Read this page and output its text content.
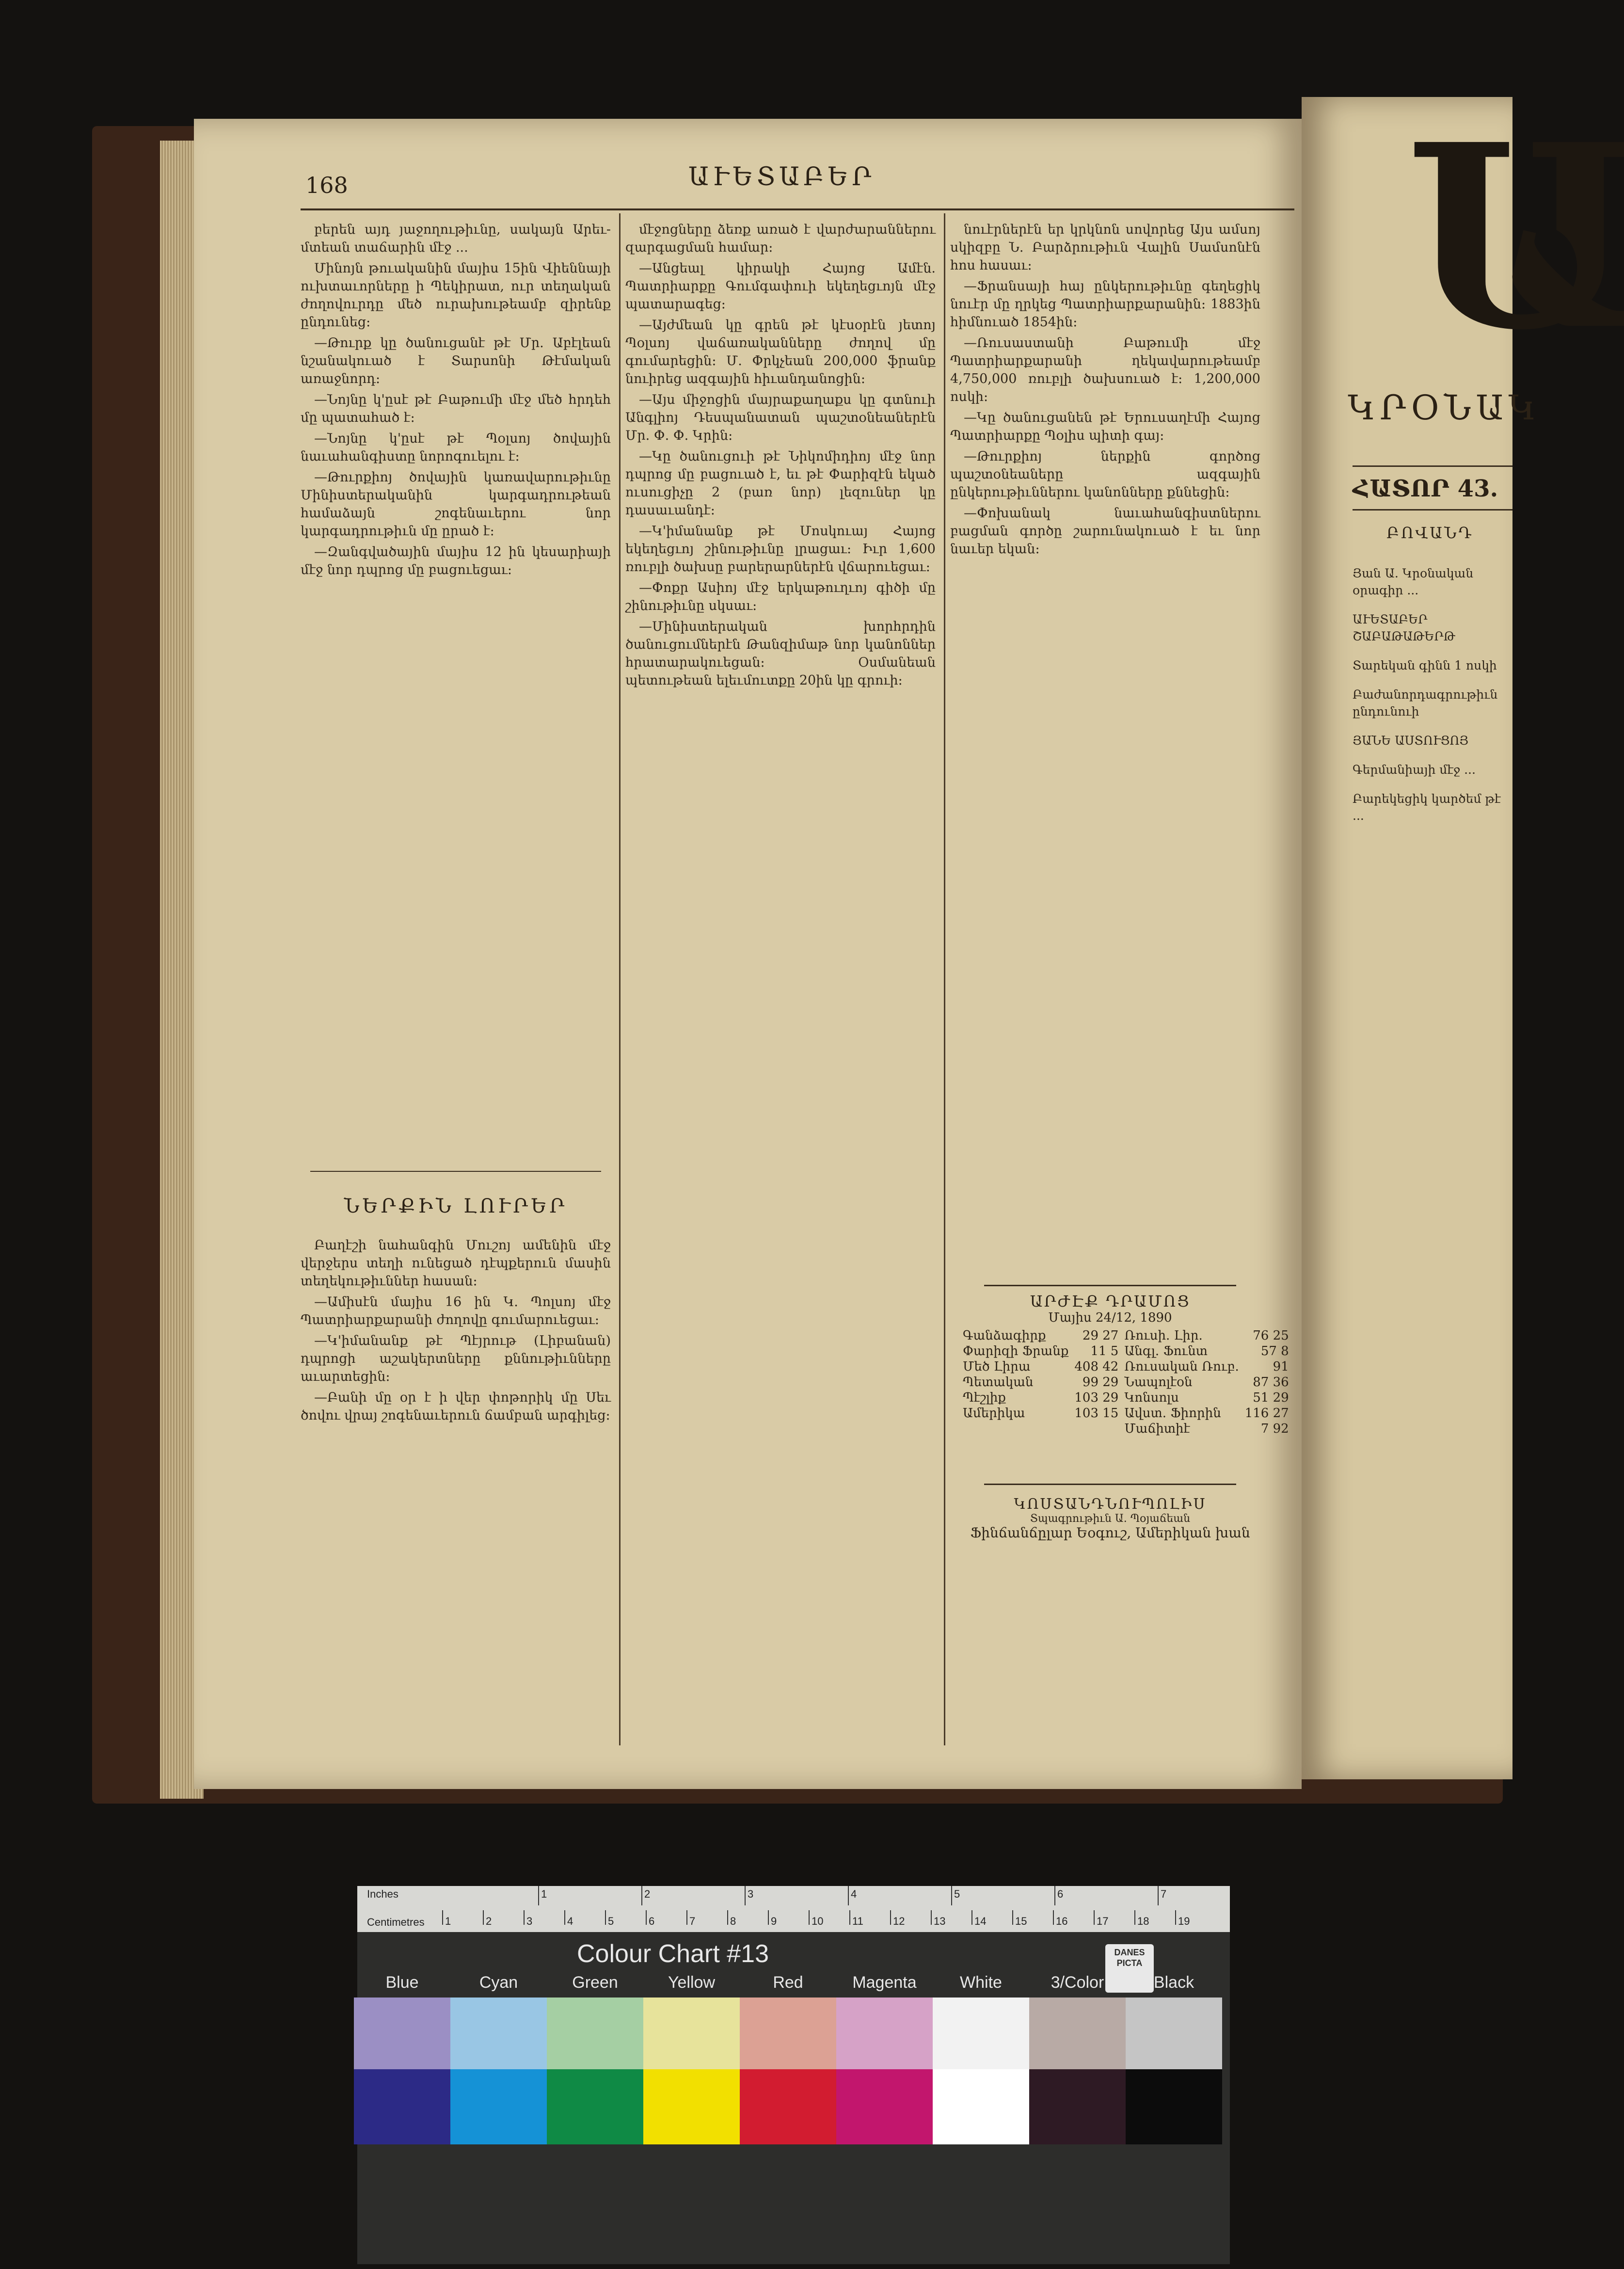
168	ԱՒԵՏԱԲԵՐ

բերեն այդ յաջողութիւնը, սակայն Արեւմտեան տաճարին մէջ ...

Մինոյն թուականին մայիս 15ին Վիեննայի ուխտաւորները ի Պեկիրատ, ուր տեղական ժողովուրդը մեծ ուրախութեամբ զիրենք ընդունեց։

—Թուրք կը ծանուցանէ թէ Մր. Աբէլեան նշանակուած է Տարսոնի Թէմական առաջնորդ։

—Նոյնը կ'ըսէ թէ Բաթումի մէջ մեծ հրդեհ մը պատահած է։

—Նոյնը կ'ըսէ թէ Պօլսոյ ծովային նաւահանգիստը նորոգուելու է։

—Թուրքիոյ ծովային կառավարութիւնը Մինիստերականին կարգադրութեան համաձայն շոգենաւերու նոր կարգադրութիւն մը ըրած է։

—Զանգվածային մայիս 12 ին կեսարիայի մէջ նոր դպրոց մը բացուեցաւ։

ՆԵՐՔԻՆ ԼՈՒՐԵՐ

Բաղէշի նահանգին Մուշոյ ամենին մէջ վերջերս տեղի ունեցած դէպքերուն մասին տեղեկութիւններ հասան։

—Ամիսէն մայիս 16 ին Կ. Պոլսոյ մէջ Պատրիարքարանի ժողովը գումարուեցաւ։

—Կ'իմանանք թէ Պէյրութ (Լիբանան) դպրոցի աշակերտները քննութիւնները աւարտեցին։

—Բանի մը օր է ի վեր փոթորիկ մը Սեւ ծովու վրայ շոգենաւերուն ճամբան արգիլեց։

մէջոցները ձեռք առած է վարժարաններու զարգացման համար։

—Անցեալ կիրակի Հայոց Ամէն. Պատրիարքը Գումգափուի եկեղեցւոյն մէջ պատարագեց։

—Այժմեան կը գրեն թէ կէսօրէն յետոյ Պօլսոյ վաճառականները ժողով մը գումարեցին։ Մ. Փրկչեան 200,000 ֆրանք նուիրեց ազգային հիւանդանոցին։

—Այս միջոցին մայրաքաղաքս կը գտնուի Անգլիոյ Դեսպանատան պաշտօնեաներէն Մր. Փ. Փ. Կրին։

—Կը ծանուցուի թէ Նիկոմիդիոյ մէջ նոր դպրոց մը բացուած է, եւ թէ Փարիզէն եկած ուսուցիչը 2 (բառ նոր) լեզուներ կը դասաւանդէ։

—Կ'իմանանք թէ Մոսկուայ Հայոց եկեղեցւոյ շինութիւնը լրացաւ։ Իւր 1,600 ռուբլի ծախսը բարերարներէն վճարուեցաւ։

—Փոքր Ասիոյ մէջ երկաթուղւոյ գիծի մը շինութիւնը սկսաւ։

—Մինիստերական խորհրդին ծանուցումներէն Թանզիմաթ նոր կանոններ հրատարակուեցան։ Օսմանեան պետութեան ելեւմուտքը 20ին կը գրուի։

նուէրներէն եր կրկնոն սովորեց Այս ամսոյ սկիզբը Ն. Բարձրութիւն Վալին Սամսոնէն հոս հասաւ։

—Ֆրանսայի հայ ընկերութիւնը գեղեցիկ նուէր մը ղրկեց Պատրիարքարանին։ 1883ին հիմնուած 1854ին։

—Ռուսաստանի Բաթումի մէջ Պատրիարքարանի ղեկավարութեամբ 4,750,000 ռուբլի ծախսուած է։ 1,200,000 ոսկի։

—Կը ծանուցանեն թէ Երուսաղէմի Հայոց Պատրիարքը Պօլիս պիտի գայ։

—Թուրքիոյ ներքին գործոց պաշտօնեաները ազգային ընկերութիւններու կանոնները քննեցին։

—Փոխանակ նաւահանգիստներու բացման գործը շարունակուած է եւ նոր նաւեր եկան։

ԱՐԺԷՔ ԴՐԱՄՈՑ
Մայիս 24/12, 1890
Գանձագիրք	29 27	Ռուսի. Լիր.	76 25
Փարիզի Ֆրանք	11 5	Անգլ. Ֆունտ	57 8
Մեծ Լիրա	408 42	Ռուսական Ռուբ.	91
Պետական	99 29	Նապոլէօն	87 36
Պէշլիք	103 29	Կոնսոլս	51 29
Ամերիկա	103 15	Ավստ. Ֆիորին	116 27
		Մաճիտիէ	7 92
ԿՈՍՏԱՆԴՆՈՒՊՈԼԻՍ
Տպագրութիւն Ա. Պօյաճեան
Ֆինճանճըլար Եօգուշ, Ամերիկան խան
Ա
ԿՐՕՆԱԿ
ՀԱՏՈՐ 43.
ԲՈՎԱՆԴ

Յան Ա. Կրօնական օրագիր ...

ԱՒԵՏԱԲԵՐ ՇԱԲԱԹԱԹԵՐԹ

Տարեկան գինն 1 ոսկի

Բաժանորդագրութիւն ընդունուի

ՅԱՆԵ ԱՍՏՈՒՑՈՅ

Գերմանիայի մէջ ...

Բարեկեցիկ կարծեմ թէ ...

Inches
Centimetres 1	2	3	4	5	6	7	8	9	10	11	12	13	14	15	16	17	18	19
1	2	3	4	5	6	7
Colour Chart #13	DANES PICTA
Blue	Cyan	Green	Yellow	Red	Magenta	White	3/Color	Black
